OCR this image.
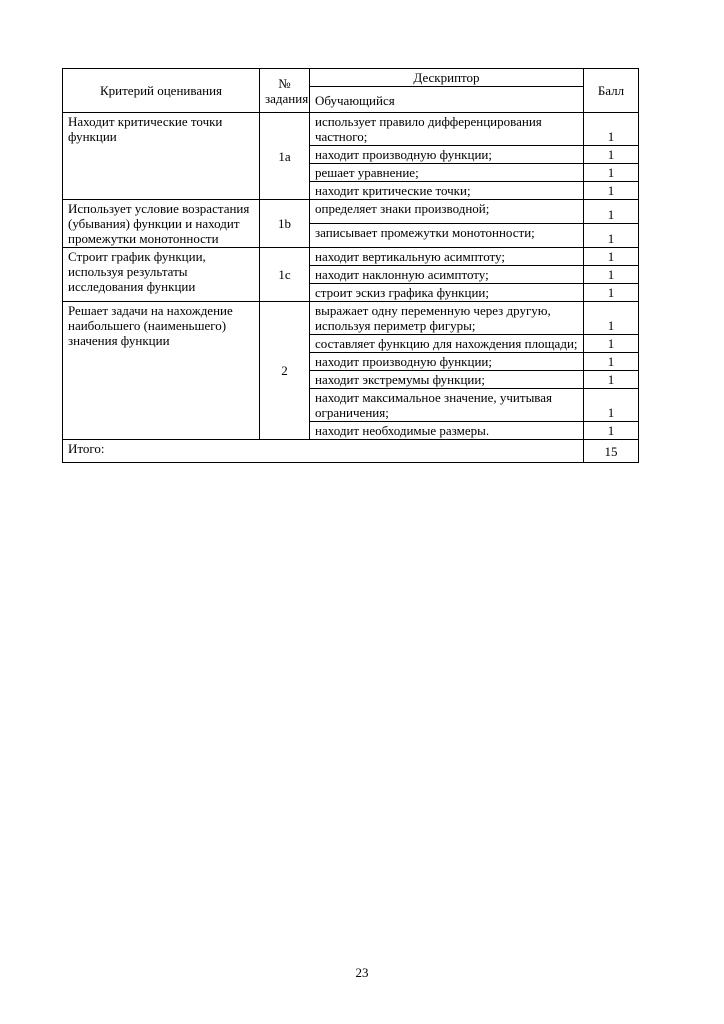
Критерий оценивания	№ задания	Дескриптор	Балл
		Обучающийся	
Находит критические точки функции	1a	использует правило дифференцирования частного;	1
		находит производную функции;	1
		решает уравнение;	1
		находит критические точки;	1
Использует условие возрастания (убывания) функции и находит промежутки монотонности	1b	определяет знаки производной;	1
		записывает промежутки монотонности;	1
Строит график функции, используя результаты исследования функции	1c	находит вертикальную асимптоту;	1
		находит наклонную асимптоту;	1
		строит эскиз графика функции;	1
Решает задачи на нахождение наибольшего (наименьшего) значения функции	2	выражает одну переменную через другую, используя периметр фигуры;	1
		составляет функцию для нахождения площади;	1
		находит производную функции;	1
		находит экстремумы функции;	1
		находит максимальное значение, учитывая ограничения;	1
		находит необходимые размеры.	1
Итого:			15
23
